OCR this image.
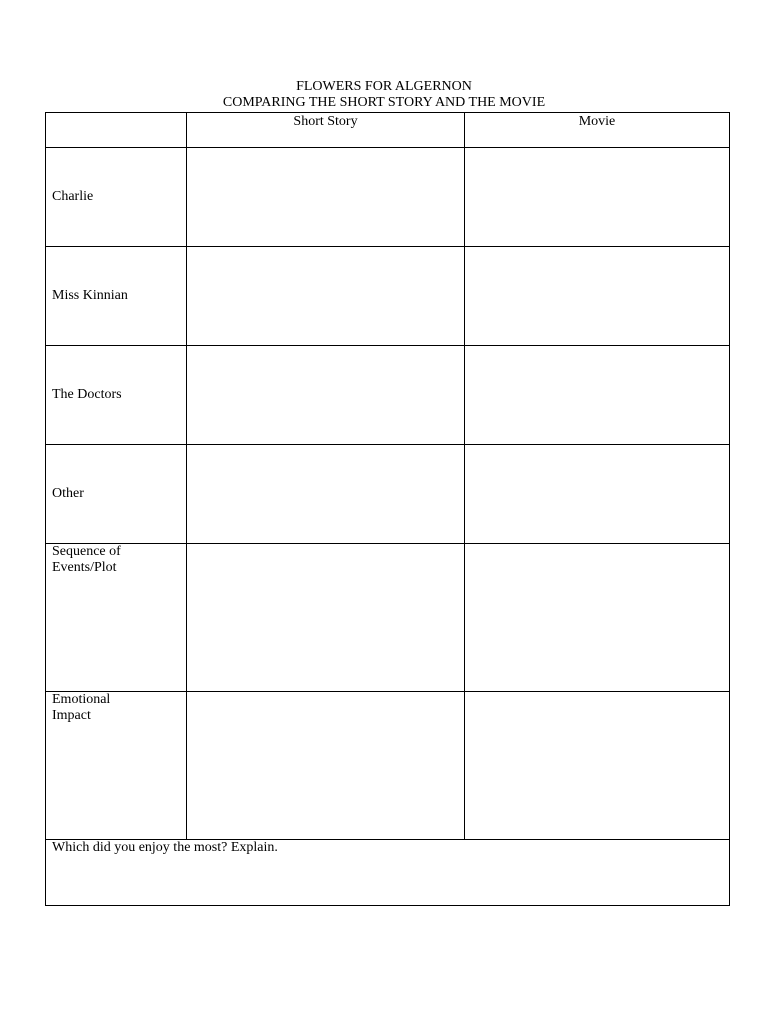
FLOWERS FOR ALGERNON
COMPARING THE SHORT STORY AND THE MOVIE
	Short Story	Movie
Charlie		
Miss Kinnian		
The Doctors		
Other		

Sequence of Events/Plot		

Emotional Impact		

Which did you enjoy the most? Explain.		
